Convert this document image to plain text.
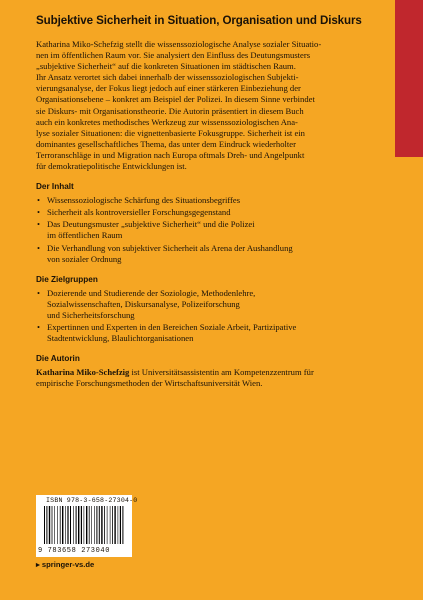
Subjektive Sicherheit in Situation, Organisation und Diskurs

Katharina Miko-Schefzig stellt die wissenssoziologische Analyse sozialer Situatio-
nen im öffentlichen Raum vor. Sie analysiert den Einfluss des Deutungsmusters
„subjektive Sicherheit“ auf die konkreten Situationen im städtischen Raum.
Ihr Ansatz verortet sich dabei innerhalb der wissenssoziologischen Subjekti-
vierungsanalyse, der Fokus liegt jedoch auf einer stärkeren Einbeziehung der
Organisationsebene – konkret am Beispiel der Polizei. In diesem Sinne verbindet
sie Diskurs- mit Organisationstheorie. Die Autorin präsentiert in diesem Buch
auch ein konkretes methodisches Werkzeug zur wissenssoziologischen Ana-
lyse sozialer Situationen: die vignettenbasierte Fokusgruppe. Sicherheit ist ein
dominantes gesellschaftliches Thema, das unter dem Eindruck wiederholter
Terroranschläge in und Migration nach Europa oftmals Dreh- und Angelpunkt
für demokratiepolitische Entwicklungen ist.

Der Inhalt
• Wissenssoziologische Schärfung des Situationsbegriffes
• Sicherheit als kontroversieller Forschungsgegenstand
• Das Deutungsmuster „subjektive Sicherheit“ und die Polizei
im öffentlichen Raum
• Die Verhandlung von subjektiver Sicherheit als Arena der Aushandlung
von sozialer Ordnung
Die Zielgruppen
• Dozierende und Studierende der Soziologie, Methodenlehre,
Sozialwissenschaften, Diskursanalyse, Polizeiforschung
und Sicherheitsforschung
• Expertinnen und Experten in den Bereichen Soziale Arbeit, Partizipative
Stadtentwicklung, Blaulichtorganisationen
Die Autorin

Katharina Miko-Schefzig ist Universitätsassistentin am Kompetenzzentrum für
empirische Forschungsmethoden der Wirtschaftsuniversität Wien.

ISBN 978-3-658-27304-0
9 783658 273040
▸ springer-vs.de
